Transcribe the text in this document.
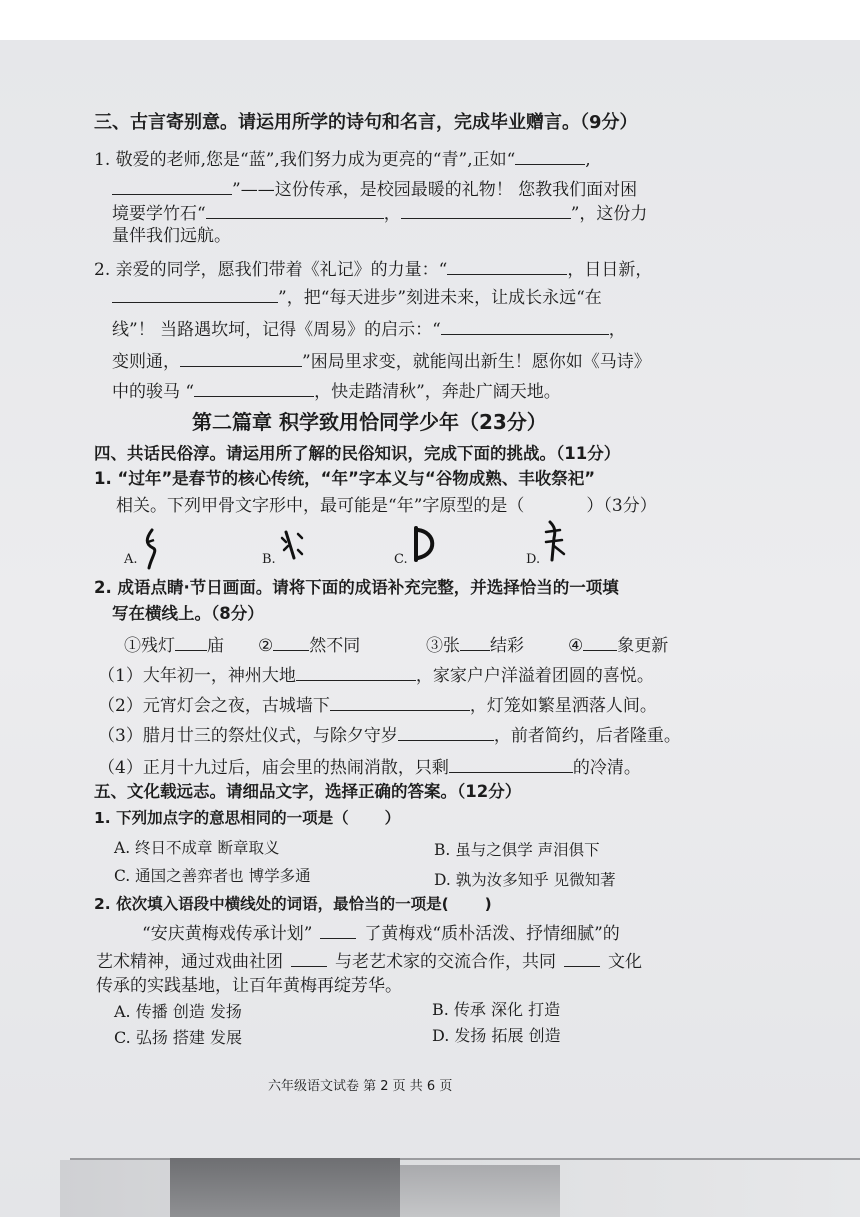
三、古言寄别意。请运用所学的诗句和名言，完成毕业赠言。（9分）
1. 敬爱的老师,您是“蓝”,我们努力成为更亮的“青”,正如“	,
”——这份传承，是校园最暖的礼物！ 您教我们面对困
境要学竹石“	，	”，这份力
量伴我们远航。
2. 亲爱的同学，愿我们带着《礼记》的力量：“	，日日新，
”，把“每天进步”刻进未来，让成长永远“在
线”！ 当路遇坎坷，记得《周易》的启示：“	，
变则通，	”困局里求变，就能闯出新生！愿你如《马诗》
中的骏马 “	，快走踏清秋”，奔赴广阔天地。
第二篇章 积学致用恰同学少年（23分）
四、共话民俗淳。请运用所了解的民俗知识，完成下面的挑战。（11分）
1. “过年”是春节的核心传统，“年”字本义与“谷物成熟、丰收祭祀”
相关。下列甲骨文字形中，最可能是“年”字原型的是（	）（3分）
A.	B.	C.	D.
2. 成语点睛·节日画面。请将下面的成语补充完整，并选择恰当的一项填
写在横线上。（8分）
①残灯 庙 ② 然不同	③张 结彩	④ 象更新
（1）大年初一，神州大地	，家家户户洋溢着团圆的喜悦。
（2）元宵灯会之夜，古城墙下	，灯笼如繁星洒落人间。
（3）腊月廿三的祭灶仪式，与除夕守岁	，前者简约，后者隆重。
（4）正月十九过后，庙会里的热闹消散，只剩	的冷清。
五、文化载远志。请细品文字，选择正确的答案。（12分）
1. 下列加点字的意思相同的一项是（ ）
A. 终日不成章 断章取义	B. 虽与之俱学 声泪俱下
C. 通国之善弈者也 博学多通	D. 孰为汝多知乎 见微知著
2. 依次填入语段中横线处的词语，最恰当的一项是( )
“安庆黄梅戏传承计划”	了黄梅戏“质朴活泼、抒情细腻”的
艺术精神，通过戏曲社团	与老艺术家的交流合作，共同	文化
传承的实践基地，让百年黄梅再绽芳华。
A. 传播 创造 发扬	B. 传承 深化 打造
C. 弘扬 搭建 发展	D. 发扬 拓展 创造
六年级语文试卷 第 2 页 共 6 页
